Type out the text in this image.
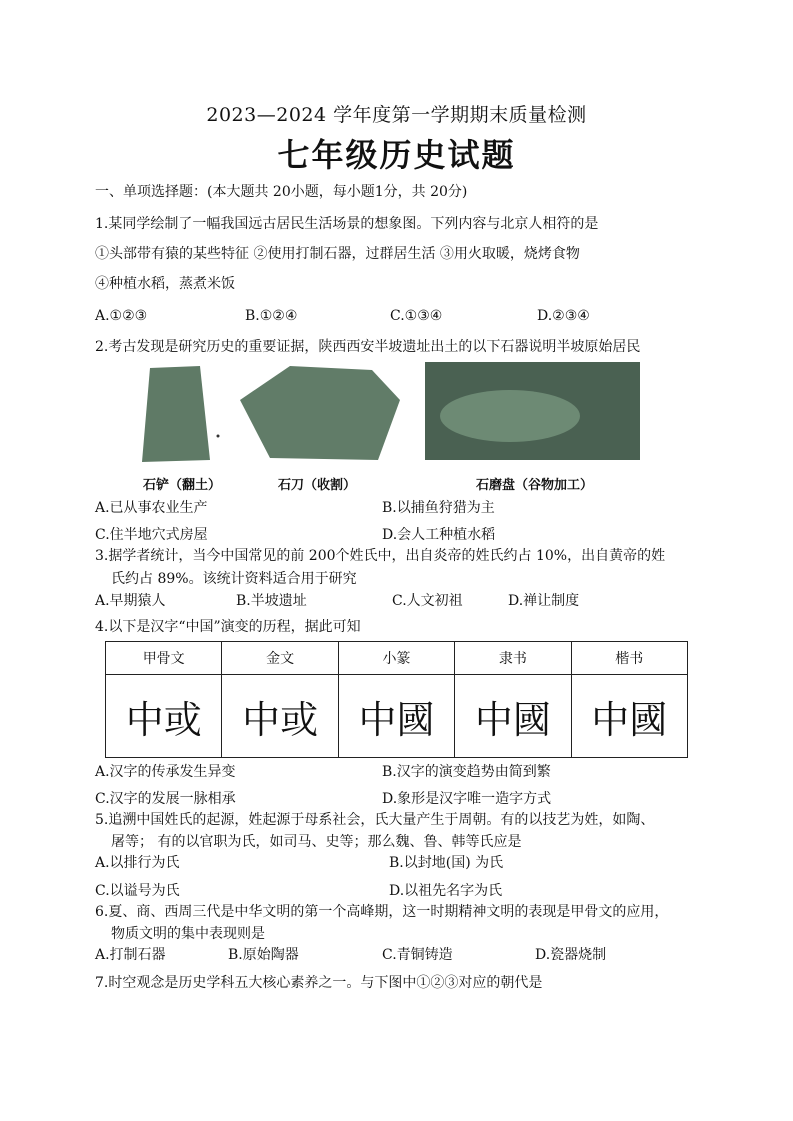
2023—2024 学年度第一学期期末质量检测
七年级历史试题
一、单项选择题：(本大题共 20小题，每小题1分，共 20分)
1.某同学绘制了一幅我国远古居民生活场景的想象图。下列内容与北京人相符的是
①头部带有猿的某些特征 ②使用打制石器，过群居生活 ③用火取暖，烧烤食物
④种植水稻，蒸煮米饭
A.①②③	B.①②④	C.①③④	D.②③④
2.考古发现是研究历史的重要证据，陕西西安半坡遗址出土的以下石器说明半坡原始居民
石铲（翻土）	石刀（收割）	石磨盘（谷物加工）
A.已从事农业生产	B.以捕鱼狩猎为主
C.住半地穴式房屋	D.会人工种植水稻
3.据学者统计，当今中国常见的前 200个姓氏中，出自炎帝的姓氏约占 10%，出自黄帝的姓
氏约占 89%。该统计资料适合用于研究
A.早期猿人	B.半坡遗址	C.人文初祖	D.禅让制度
4.以下是汉字“中国”演变的历程，据此可知
甲骨文	金文	小篆	隶书	楷书
中或	中或	中國	中國	中國
A.汉字的传承发生异变	B.汉字的演变趋势由简到繁
C.汉字的发展一脉相承	D.象形是汉字唯一造字方式
5.追溯中国姓氏的起源，姓起源于母系社会，氏大量产生于周朝。有的以技艺为姓，如陶、
屠等； 有的以官职为氏，如司马、史等；那么魏、鲁、韩等氏应是
A.以排行为氏	B.以封地(国) 为氏
C.以谥号为氏	D.以祖先名字为氏
6.夏、商、西周三代是中华文明的第一个高峰期，这一时期精神文明的表现是甲骨文的应用，
物质文明的集中表现则是
A.打制石器	B.原始陶器	C.青铜铸造	D.瓷器烧制
7.时空观念是历史学科五大核心素养之一。与下图中①②③对应的朝代是
